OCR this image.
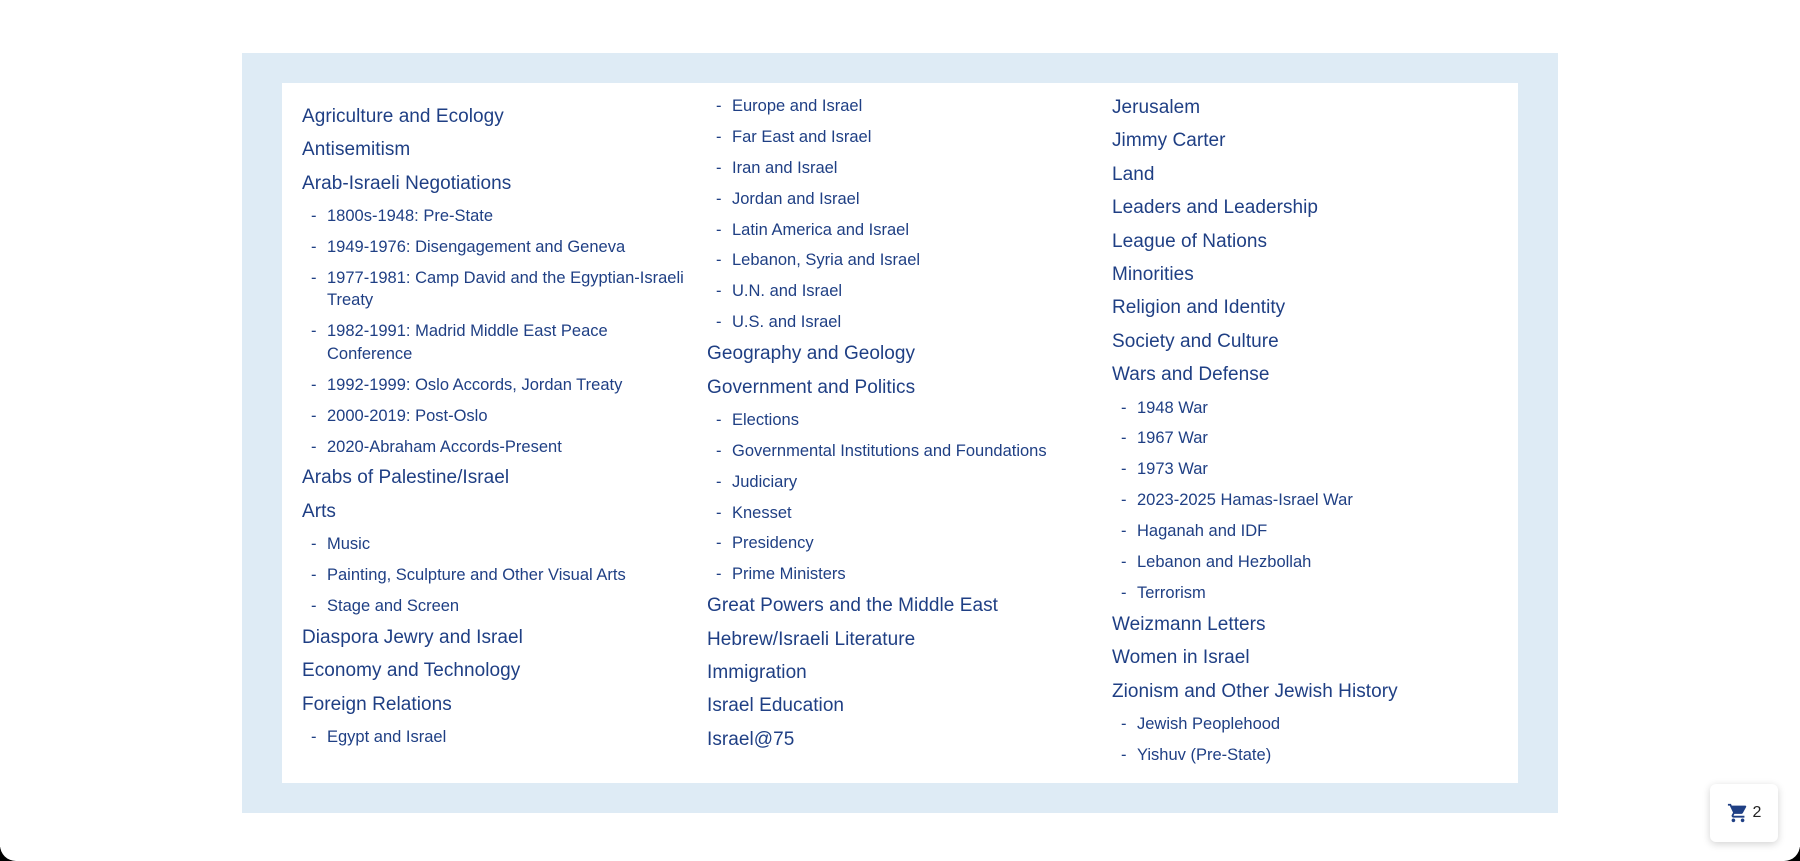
Agriculture and Ecology
Antisemitism
Arab-Israeli Negotiations
- 1800s-1948: Pre-State
- 1949-1976: Disengagement and Geneva
- 1977-1981: Camp David and the Egyptian-Israeli Treaty
- 1982-1991: Madrid Middle East Peace Conference
- 1992-1999: Oslo Accords, Jordan Treaty
- 2000-2019: Post-Oslo
- 2020-Abraham Accords-Present
Arabs of Palestine/Israel
Arts
- Music
- Painting, Sculpture and Other Visual Arts
- Stage and Screen
Diaspora Jewry and Israel
Economy and Technology
Foreign Relations
- Egypt and Israel
- Europe and Israel
- Far East and Israel
- Iran and Israel
- Jordan and Israel
- Latin America and Israel
- Lebanon, Syria and Israel
- U.N. and Israel
- U.S. and Israel
Geography and Geology
Government and Politics
- Elections
- Governmental Institutions and Foundations
- Judiciary
- Knesset
- Presidency
- Prime Ministers
Great Powers and the Middle East
Hebrew/Israeli Literature
Immigration
Israel Education
Israel@75
Jerusalem
Jimmy Carter
Land
Leaders and Leadership
League of Nations
Minorities
Religion and Identity
Society and Culture
Wars and Defense
- 1948 War
- 1967 War
- 1973 War
- 2023-2025 Hamas-Israel War
- Haganah and IDF
- Lebanon and Hezbollah
- Terrorism
Weizmann Letters
Women in Israel
Zionism and Other Jewish History
- Jewish Peoplehood
- Yishuv (Pre-State)
2
